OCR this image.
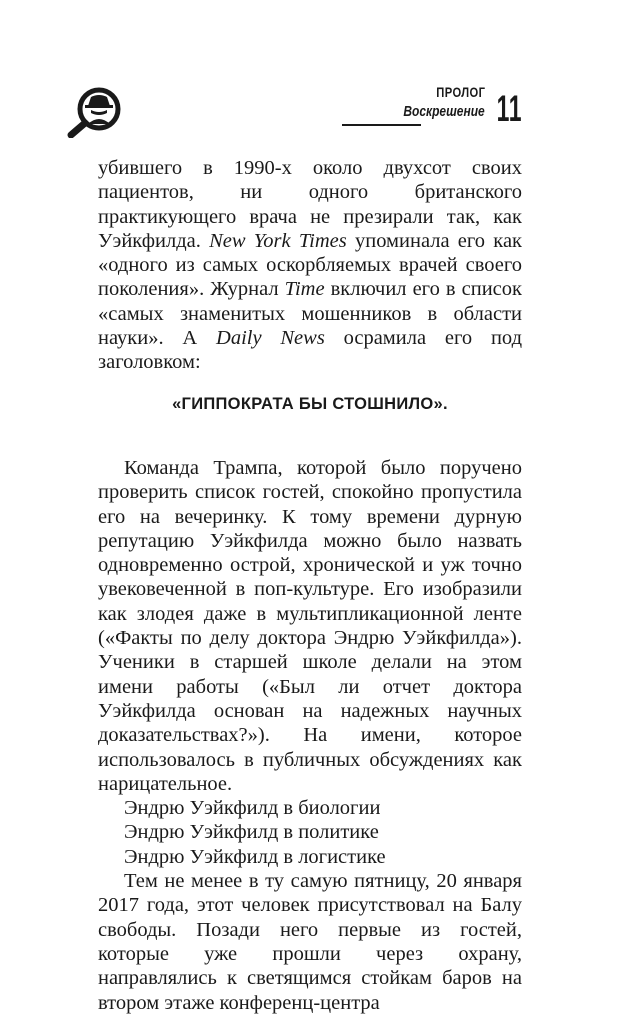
ПРОЛОГ
Воскрешение 11

убившего в 1990-х около двухсот своих пациентов, ни одного британского практикующего врача не презирали так, как Уэйкфилда. New York Times упоминала его как «одного из самых оскорбляемых врачей своего поколения». Журнал Time включил его в список «самых знаменитых мошенников в области науки». А Daily News осрамила его под заголовком:

«ГИППОКРАТА БЫ СТОШНИЛО».

Команда Трампа, которой было поручено проверить список гостей, спокойно пропустила его на вечеринку. К тому времени дурную репутацию Уэйкфилда можно было назвать одновременно острой, хронической и уж точно увековеченной в поп-культуре. Его изобразили как злодея даже в мультипликационной ленте («Факты по делу доктора Эндрю Уэйкфилда»). Ученики в старшей школе делали на этом имени работы («Был ли отчет доктора Уэйкфилда основан на надежных научных доказательствах?»). На имени, которое использовалось в публичных обсуждениях как нарицательное.

Эндрю Уэйкфилд в биологии

Эндрю Уэйкфилд в политике

Эндрю Уэйкфилд в логистике

Тем не менее в ту самую пятницу, 20 января 2017 года, этот человек присутствовал на Балу свободы. Позади него первые из гостей, которые уже прошли через охрану, направлялись к светящимся стойкам баров на втором этаже конференц-центра
